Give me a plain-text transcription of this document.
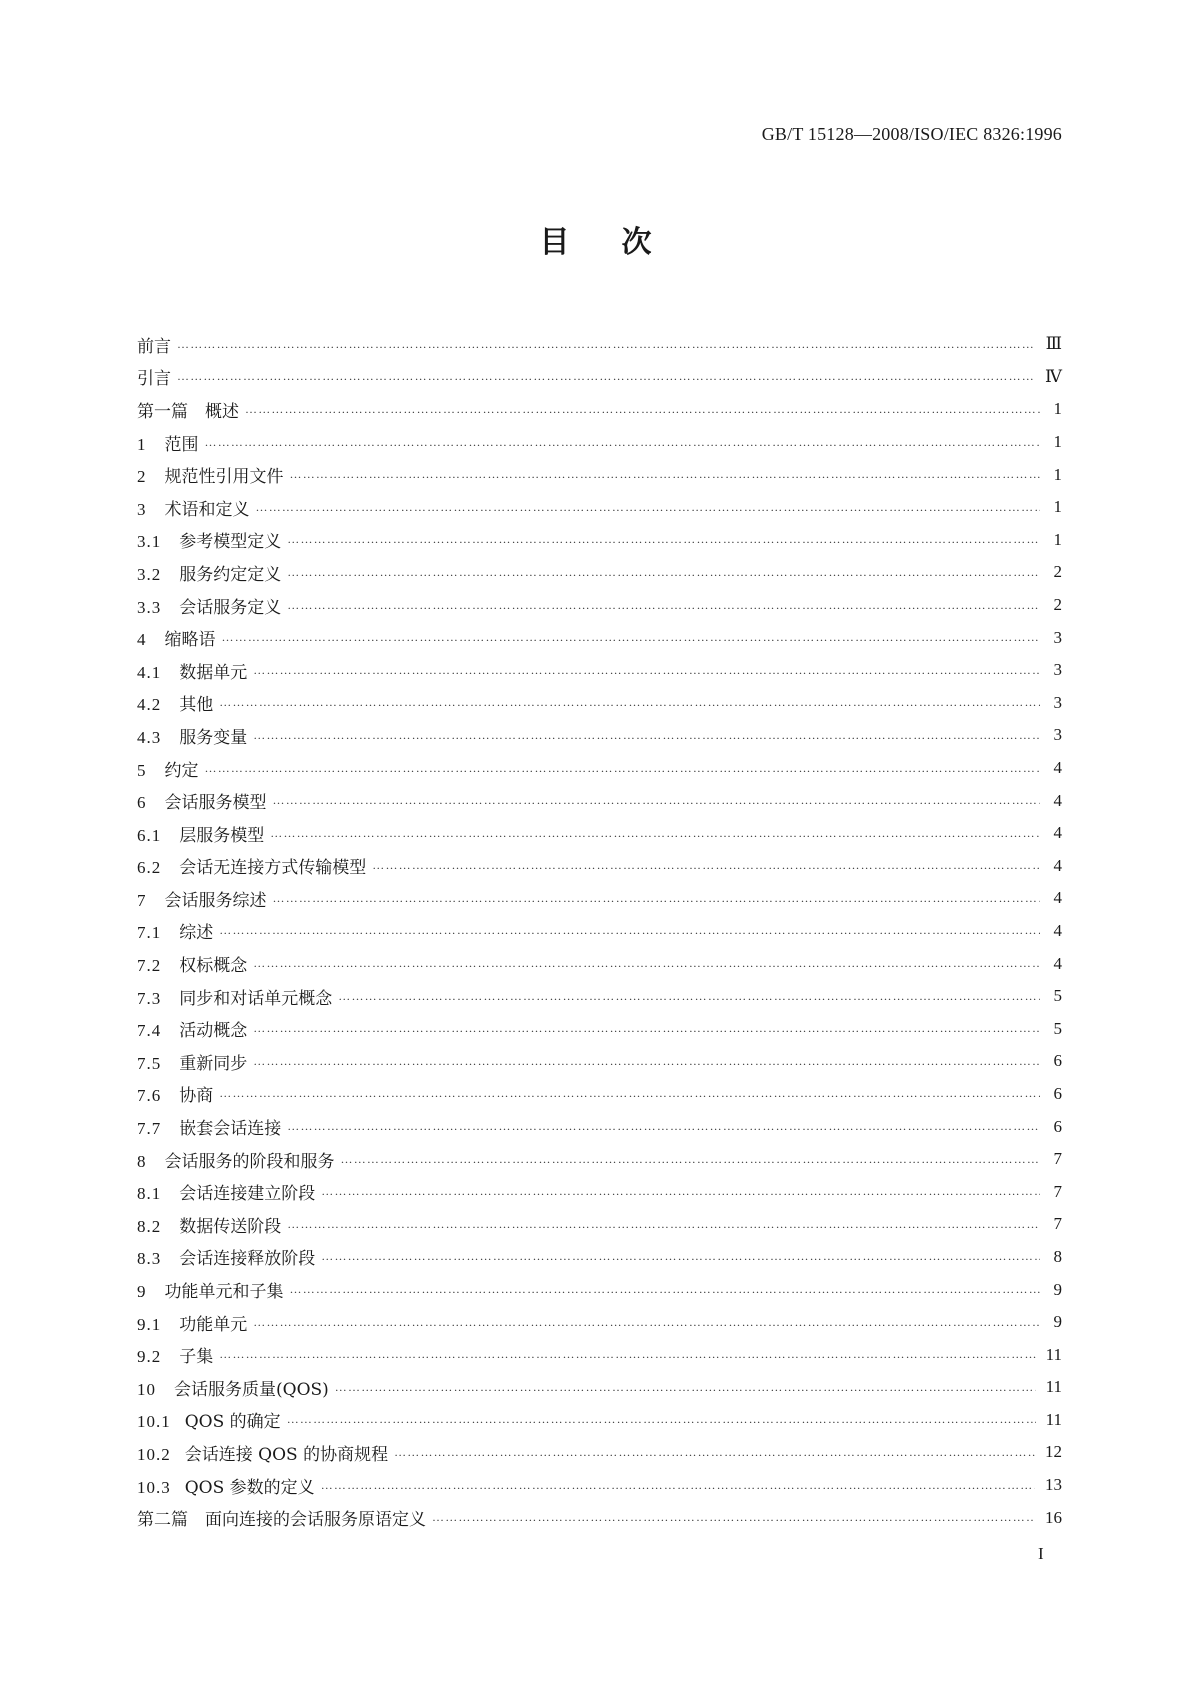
GB/T 15128—2008/ISO/IEC 8326:1996
目次
前言 …………………………………………………………………………………………………………………………………………………………………………………………………………………………………………	Ⅲ
引言 …………………………………………………………………………………………………………………………………………………………………………………………………………………………………………	Ⅳ
第一篇　概述 …………………………………………………………………………………………………………………………………………………………………………………………………………………………………………	1
1 范围 …………………………………………………………………………………………………………………………………………………………………………………………………………………………………………	1
2 规范性引用文件 …………………………………………………………………………………………………………………………………………………………………………………………………………………………………………	1
3 术语和定义 …………………………………………………………………………………………………………………………………………………………………………………………………………………………………………	1
3.1 参考模型定义 …………………………………………………………………………………………………………………………………………………………………………………………………………………………………………	1
3.2 服务约定定义 …………………………………………………………………………………………………………………………………………………………………………………………………………………………………………	2
3.3 会话服务定义 …………………………………………………………………………………………………………………………………………………………………………………………………………………………………………	2
4 缩略语 …………………………………………………………………………………………………………………………………………………………………………………………………………………………………………	3
4.1 数据单元 …………………………………………………………………………………………………………………………………………………………………………………………………………………………………………	3
4.2 其他 …………………………………………………………………………………………………………………………………………………………………………………………………………………………………………	3
4.3 服务变量 …………………………………………………………………………………………………………………………………………………………………………………………………………………………………………	3
5 约定 …………………………………………………………………………………………………………………………………………………………………………………………………………………………………………	4
6 会话服务模型 …………………………………………………………………………………………………………………………………………………………………………………………………………………………………………	4
6.1 层服务模型 …………………………………………………………………………………………………………………………………………………………………………………………………………………………………………	4
6.2 会话无连接方式传输模型 …………………………………………………………………………………………………………………………………………………………………………………………………………………………………………	4
7 会话服务综述 …………………………………………………………………………………………………………………………………………………………………………………………………………………………………………	4
7.1 综述 …………………………………………………………………………………………………………………………………………………………………………………………………………………………………………	4
7.2 权标概念 …………………………………………………………………………………………………………………………………………………………………………………………………………………………………………	4
7.3 同步和对话单元概念 …………………………………………………………………………………………………………………………………………………………………………………………………………………………………………	5
7.4 活动概念 …………………………………………………………………………………………………………………………………………………………………………………………………………………………………………	5
7.5 重新同步 …………………………………………………………………………………………………………………………………………………………………………………………………………………………………………	6
7.6 协商 …………………………………………………………………………………………………………………………………………………………………………………………………………………………………………	6
7.7 嵌套会话连接 …………………………………………………………………………………………………………………………………………………………………………………………………………………………………………	6
8 会话服务的阶段和服务 …………………………………………………………………………………………………………………………………………………………………………………………………………………………………………	7
8.1 会话连接建立阶段 …………………………………………………………………………………………………………………………………………………………………………………………………………………………………………	7
8.2 数据传送阶段 …………………………………………………………………………………………………………………………………………………………………………………………………………………………………………	7
8.3 会话连接释放阶段 …………………………………………………………………………………………………………………………………………………………………………………………………………………………………………	8
9 功能单元和子集 …………………………………………………………………………………………………………………………………………………………………………………………………………………………………………	9
9.1 功能单元 …………………………………………………………………………………………………………………………………………………………………………………………………………………………………………	9
9.2 子集 …………………………………………………………………………………………………………………………………………………………………………………………………………………………………………	11
10 会话服务质量(QOS) …………………………………………………………………………………………………………………………………………………………………………………………………………………………………………	11
10.1 QOS 的确定 …………………………………………………………………………………………………………………………………………………………………………………………………………………………………………	11
10.2 会话连接 QOS 的协商规程 …………………………………………………………………………………………………………………………………………………………………………………………………………………………………………	12
10.3 QOS 参数的定义 …………………………………………………………………………………………………………………………………………………………………………………………………………………………………………	13
第二篇　面向连接的会话服务原语定义 …………………………………………………………………………………………………………………………………………………………………………………………………………………………………………	16
I
